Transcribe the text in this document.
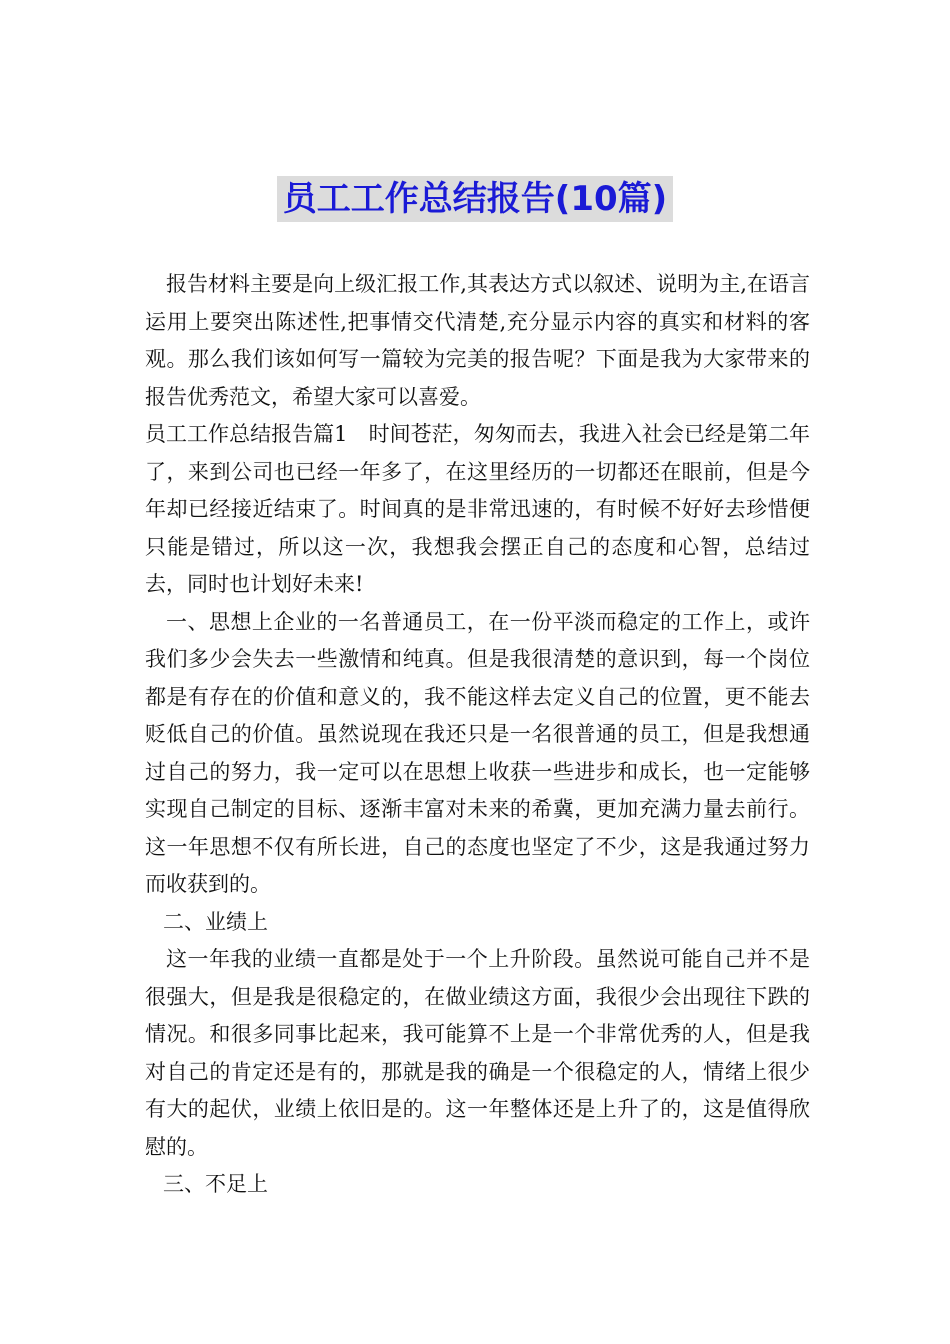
员工工作总结报告(10篇)

报告材料主要是向上级汇报工作,其表达方式以叙述、说明为主,在语言运用上要突出陈述性,把事情交代清楚,充分显示内容的真实和材料的客观。那么我们该如何写一篇较为完美的报告呢？下面是我为大家带来的报告优秀范文，希望大家可以喜爱。

员工工作总结报告篇1　时间苍茫，匆匆而去，我进入社会已经是第二年了，来到公司也已经一年多了，在这里经历的一切都还在眼前，但是今年却已经接近结束了。时间真的是非常迅速的，有时候不好好去珍惜便只能是错过，所以这一次，我想我会摆正自己的态度和心智，总结过去，同时也计划好未来!

一、思想上企业的一名普通员工，在一份平淡而稳定的工作上，或许我们多少会失去一些激情和纯真。但是我很清楚的意识到，每一个岗位都是有存在的价值和意义的，我不能这样去定义自己的位置，更不能去贬低自己的价值。虽然说现在我还只是一名很普通的员工，但是我想通过自己的努力，我一定可以在思想上收获一些进步和成长，也一定能够实现自己制定的目标、逐渐丰富对未来的希冀，更加充满力量去前行。这一年思想不仅有所长进，自己的态度也坚定了不少，这是我通过努力而收获到的。

二、业绩上

这一年我的业绩一直都是处于一个上升阶段。虽然说可能自己并不是很强大，但是我是很稳定的，在做业绩这方面，我很少会出现往下跌的情况。和很多同事比起来，我可能算不上是一个非常优秀的人，但是我对自己的肯定还是有的，那就是我的确是一个很稳定的人，情绪上很少有大的起伏，业绩上依旧是的。这一年整体还是上升了的，这是值得欣慰的。

三、不足上
